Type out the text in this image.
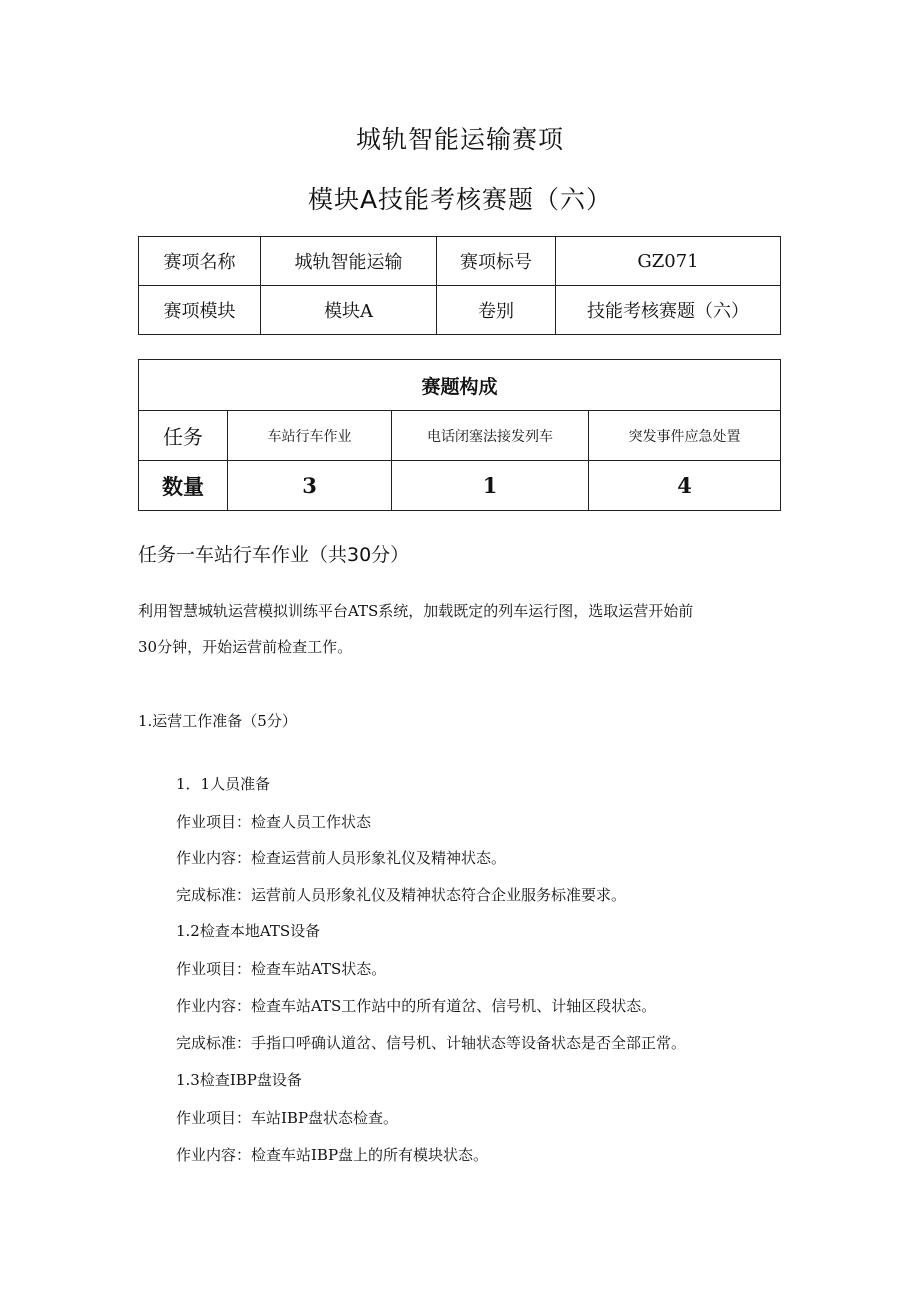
城轨智能运输赛项
模块A技能考核赛题（六）
赛项名称	城轨智能运输	赛项标号	GZ071
赛项模块	模块A	卷别	技能考核赛题（六）
赛题构成			
任务	车站行车作业	电话闭塞法接发列车	突发事件应急处置
数量	3	1	4
任务一车站行车作业（共30分）
利用智慧城轨运营模拟训练平台ATS系统，加载既定的列车运行图，选取运营开始前
30分钟，开始运营前检查工作。
1.运营工作准备（5分）
1．1人员准备
作业项目：检查人员工作状态
作业内容：检查运营前人员形象礼仪及精神状态。
完成标准：运营前人员形象礼仪及精神状态符合企业服务标准要求。
1.2检查本地ATS设备
作业项目：检查车站ATS状态。
作业内容：检查车站ATS工作站中的所有道岔、信号机、计轴区段状态。
完成标准：手指口呼确认道岔、信号机、计轴状态等设备状态是否全部正常。
1.3检查IBP盘设备
作业项目：车站IBP盘状态检查。
作业内容：检查车站IBP盘上的所有模块状态。
